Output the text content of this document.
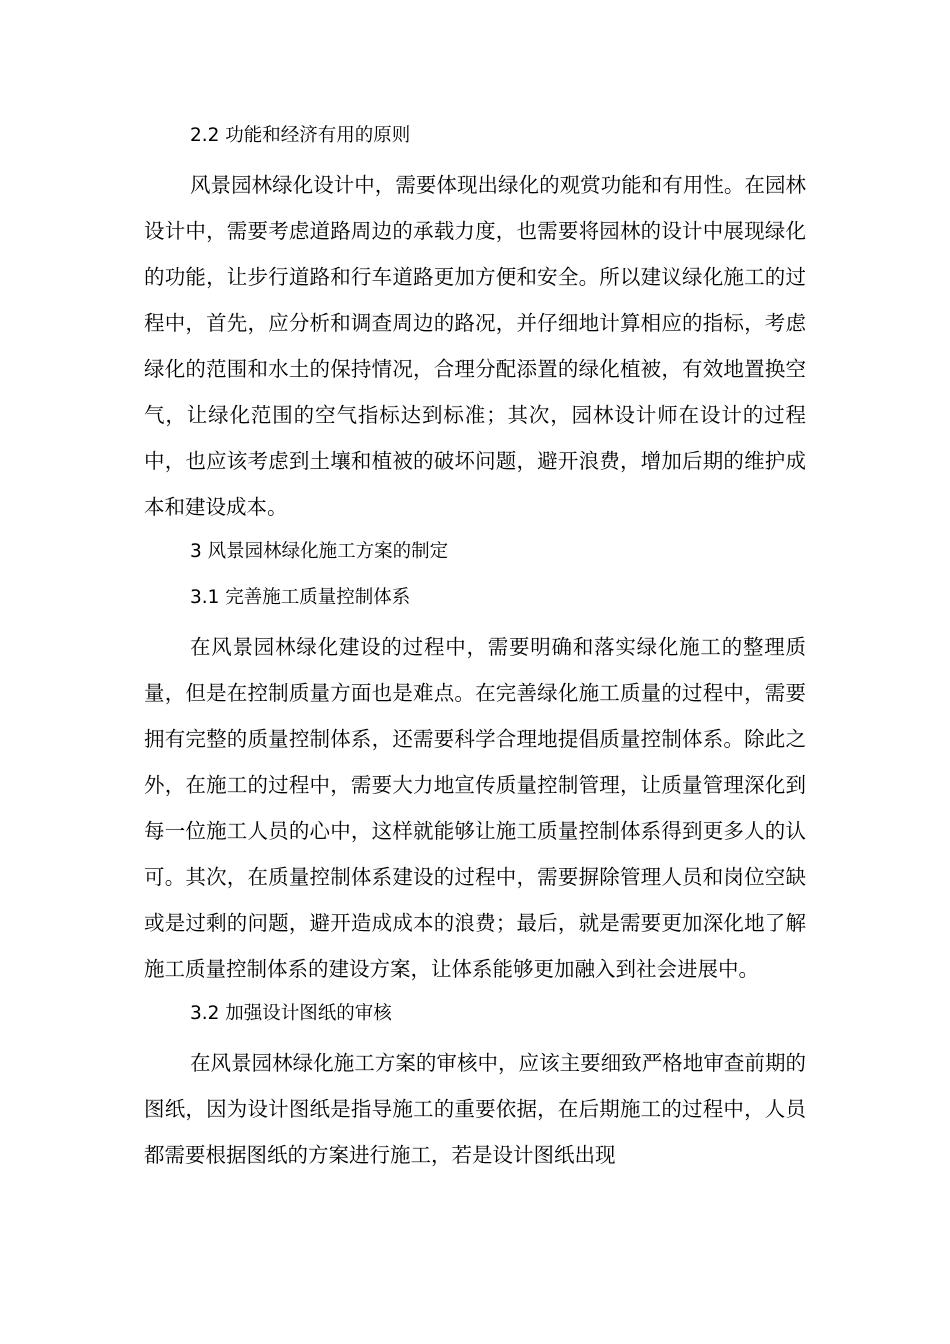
2.2 功能和经济有用的原则

风景园林绿化设计中，需要体现出绿化的观赏功能和有用性。在园林设计中，需要考虑道路周边的承载力度，也需要将园林的设计中展现绿化的功能，让步行道路和行车道路更加方便和安全。所以建议绿化施工的过程中，首先，应分析和调查周边的路况，并仔细地计算相应的指标，考虑绿化的范围和水土的保持情况，合理分配添置的绿化植被，有效地置换空气，让绿化范围的空气指标达到标准；其次，园林设计师在设计的过程中，也应该考虑到土壤和植被的破坏问题，避开浪费，增加后期的维护成本和建设成本。

3 风景园林绿化施工方案的制定
3.1 完善施工质量控制体系

在风景园林绿化建设的过程中，需要明确和落实绿化施工的整理质量，但是在控制质量方面也是难点。在完善绿化施工质量的过程中，需要拥有完整的质量控制体系，还需要科学合理地提倡质量控制体系。除此之外，在施工的过程中，需要大力地宣传质量控制管理，让质量管理深化到每一位施工人员的心中，这样就能够让施工质量控制体系得到更多人的认可。其次，在质量控制体系建设的过程中，需要摒除管理人员和岗位空缺或是过剩的问题，避开造成成本的浪费；最后，就是需要更加深化地了解施工质量控制体系的建设方案，让体系能够更加融入到社会进展中。

3.2 加强设计图纸的审核

在风景园林绿化施工方案的审核中，应该主要细致严格地审查前期的图纸，因为设计图纸是指导施工的重要依据，在后期施工的过程中，人员都需要根据图纸的方案进行施工，若是设计图纸出现
